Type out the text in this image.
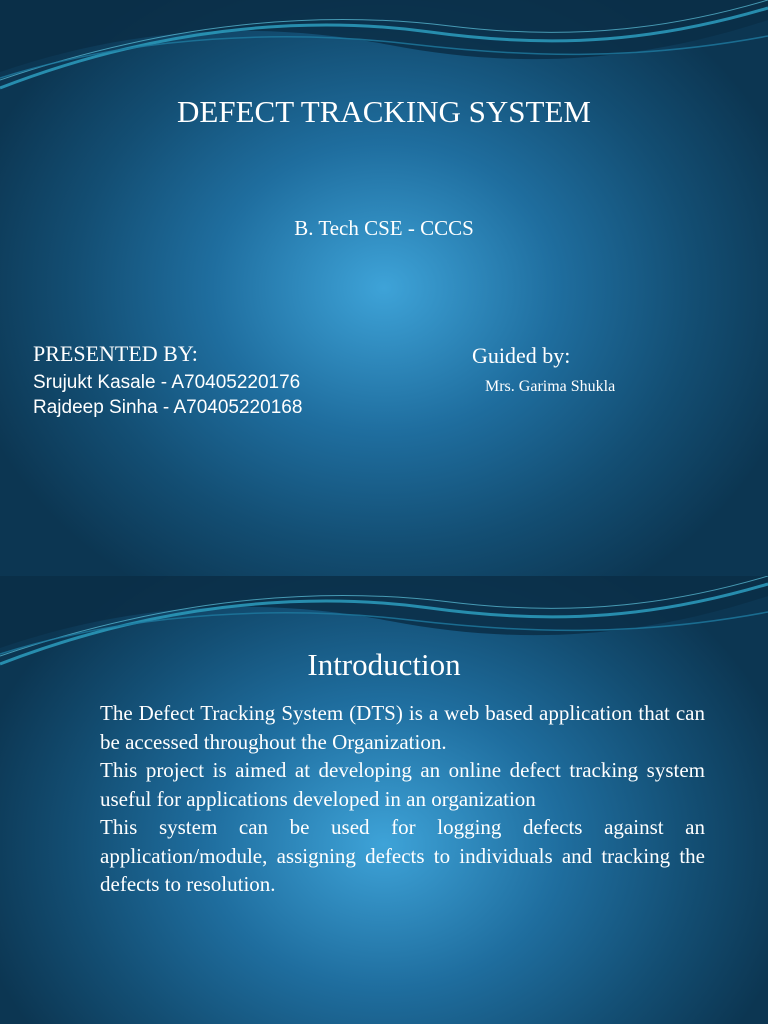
DEFECT TRACKING SYSTEM
B. Tech CSE - CCCS
PRESENTED BY:
Srujukt Kasale - A70405220176
Rajdeep Sinha - A70405220168
Guided by:
Mrs. Garima Shukla
Introduction

The Defect Tracking System (DTS) is a web based application that can be accessed throughout the Organization.

This project is aimed at developing an online defect tracking system useful for applications developed in an organization

This system can be used for logging defects against an application/module, assigning defects to individuals and tracking the defects to resolution.
